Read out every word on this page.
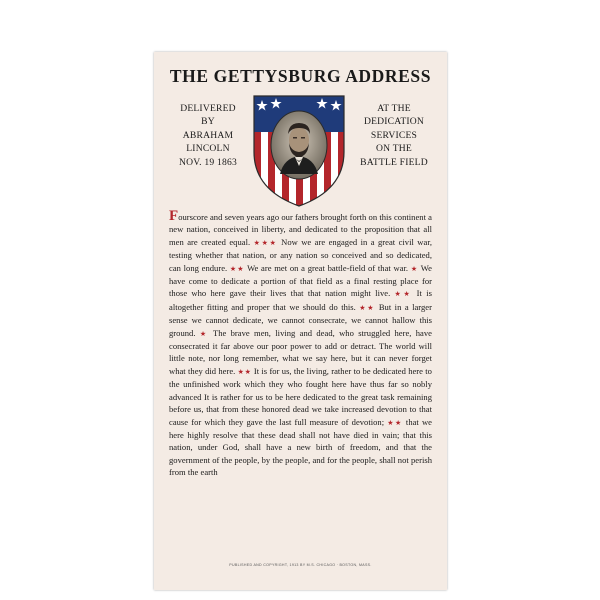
THE GETTYSBURG ADDRESS
DELIVERED
BY
ABRAHAM
LINCOLN
NOV. 19 1863
AT THE
DEDICATION
SERVICES
ON THE
BATTLE FIELD
Fourscore and seven years ago our fathers brought forth on this continent a new nation, conceived in liberty, and dedicated to the proposition that all men are created equal. ★★★ Now we are engaged in a great civil war, testing whether that nation, or any nation so conceived and so dedicated, can long endure. ★★ We are met on a great battle-field of that war. ★ We have come to dedicate a portion of that field as a final resting place for those who here gave their lives that that nation might live. ★★ It is altogether fitting and proper that we should do this. ★★ But in a larger sense we cannot dedicate, we cannot consecrate, we cannot hallow this ground. ★ The brave men, living and dead, who struggled here, have consecrated it far above our poor power to add or detract. The world will little note, nor long remember, what we say here, but it can never forget what they did here. ★★ It is for us, the living, rather to be dedicated here to the unfinished work which they who fought here have thus far so nobly advanced It is rather for us to be here dedicated to the great task remaining before us, that from these honored dead we take increased devotion to that cause for which they gave the last full measure of devotion; ★★ that we here highly resolve that these dead shall not have died in vain; that this nation, under God, shall have a new birth of freedom, and that the government of the people, by the people, and for the people, shall not perish from the earth
PUBLISHED AND COPYRIGHT, 1913 BY M.S. CHICAGO · BOSTON, MASS.
